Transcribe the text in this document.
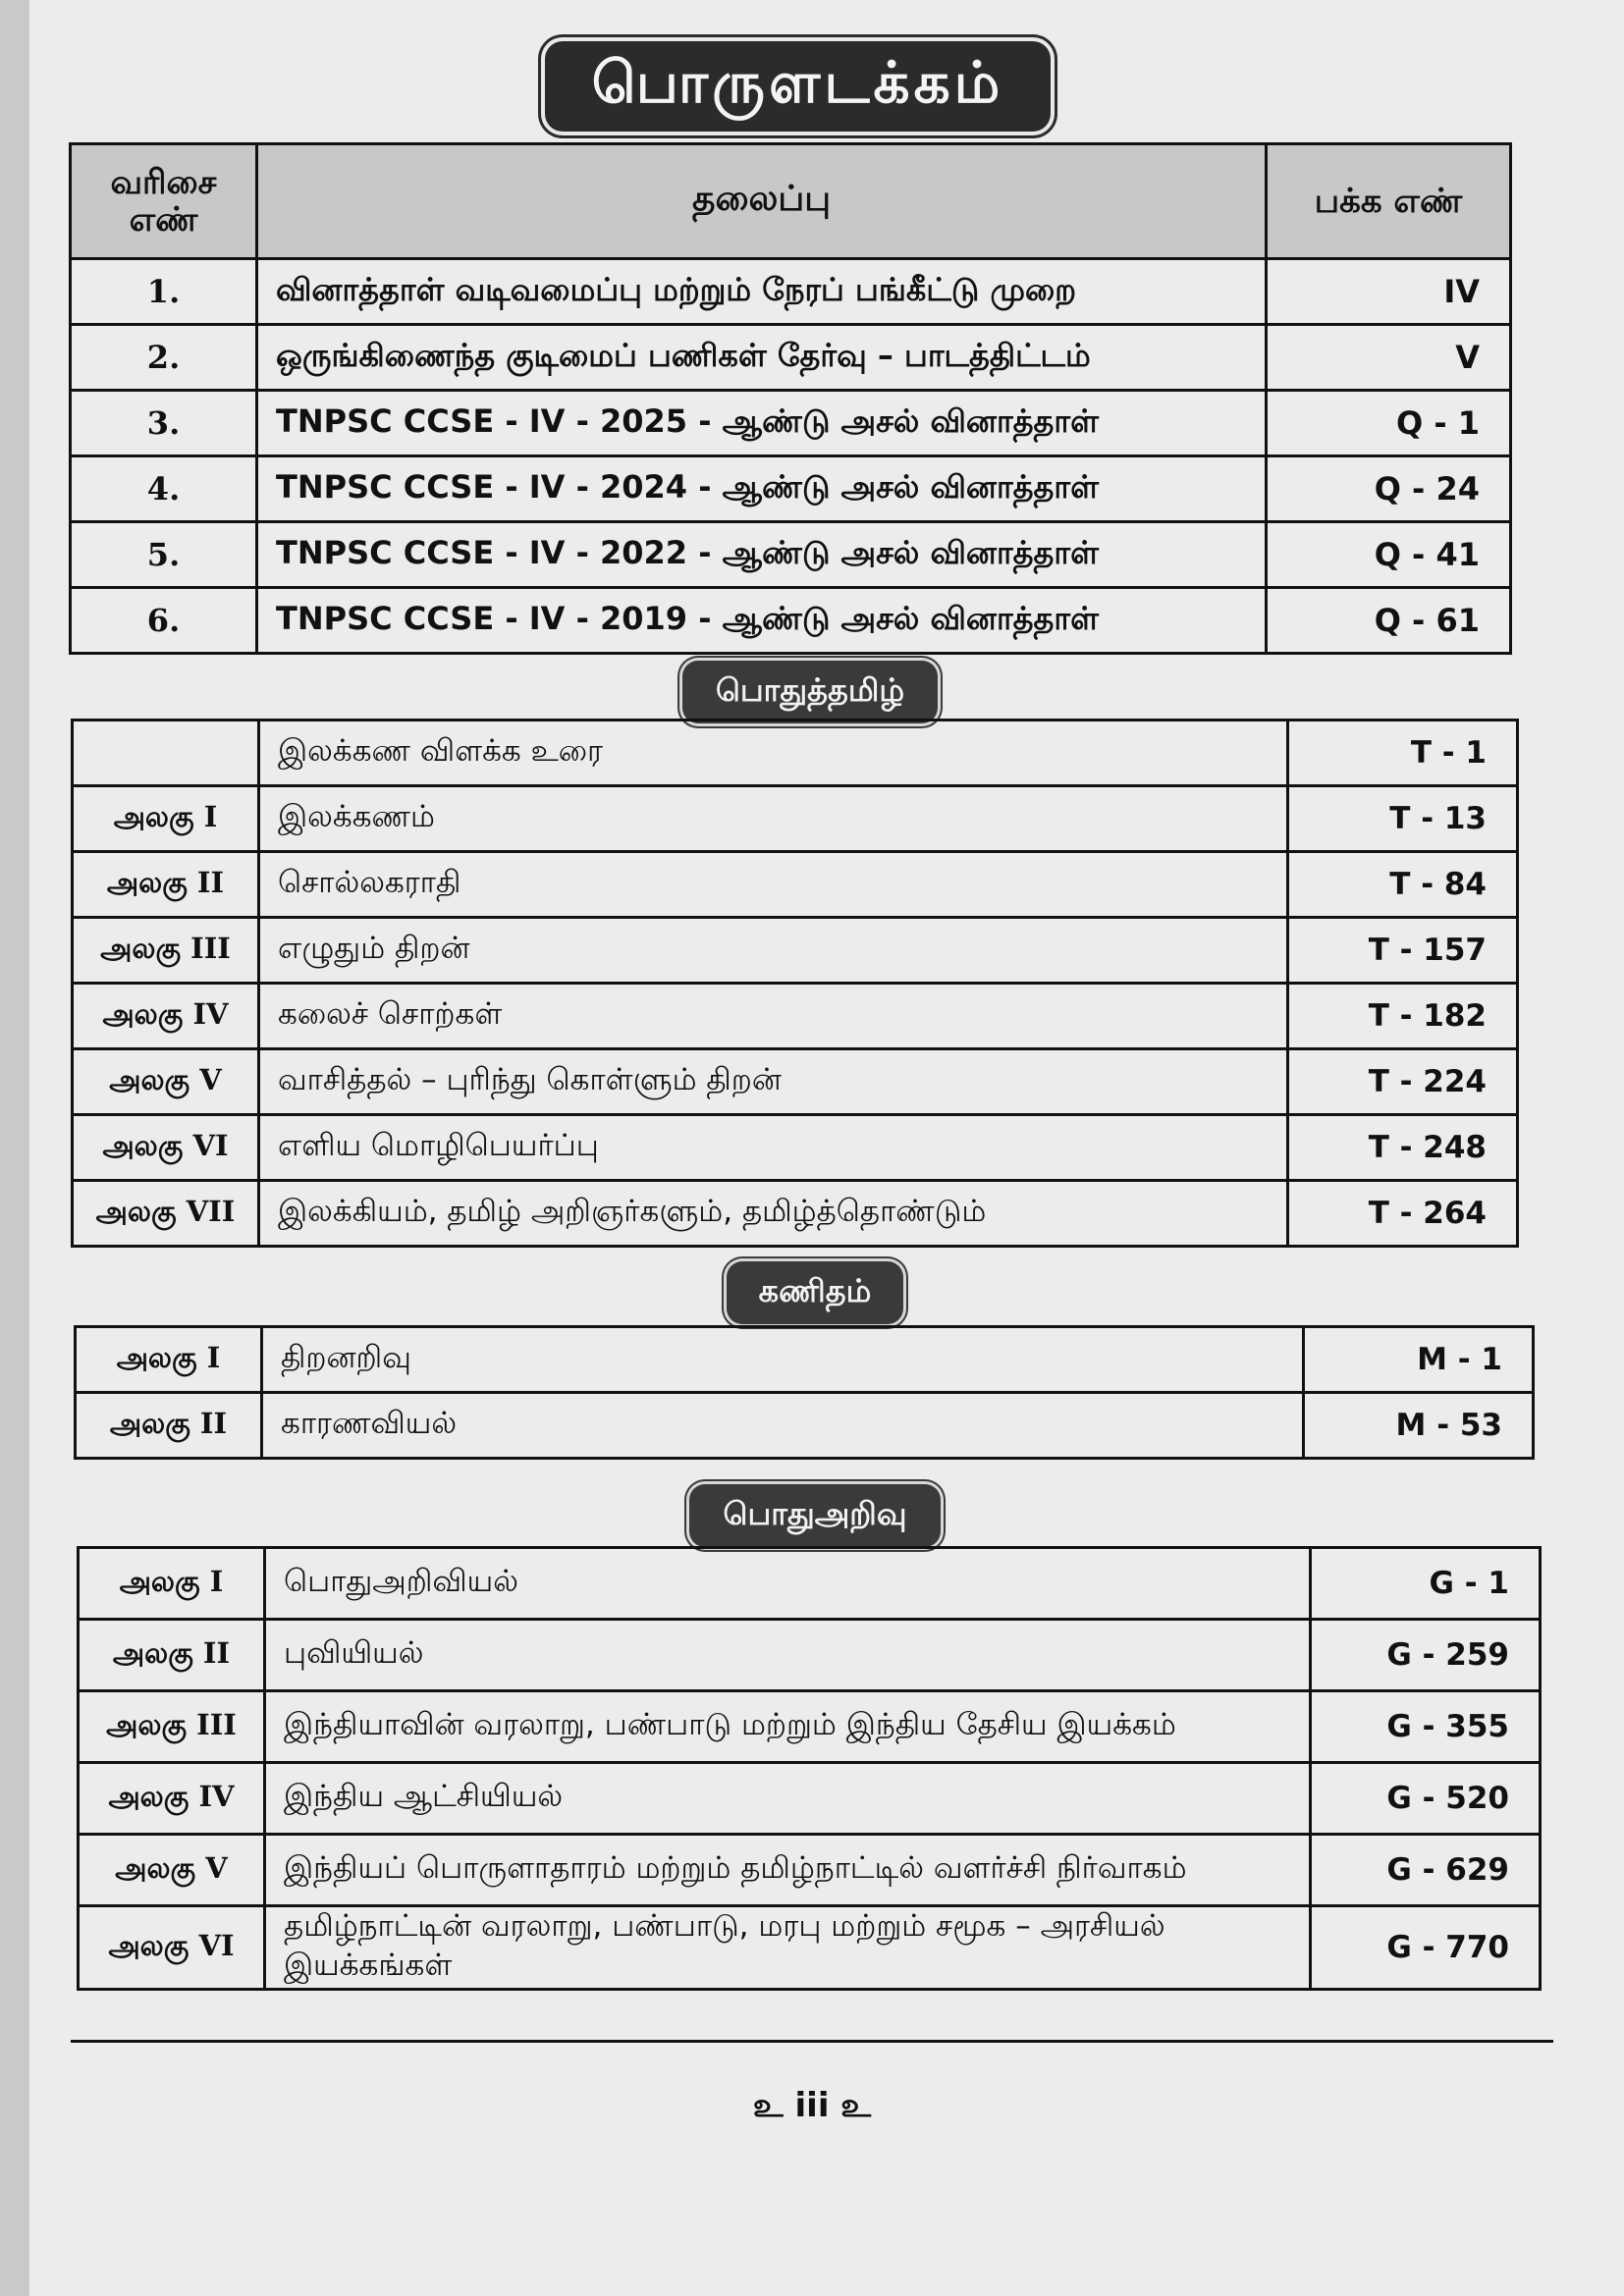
பொருளடக்கம்
வரிசை எண்	தலைப்பு	பக்க எண்
1.	வினாத்தாள் வடிவமைப்பு மற்றும் நேரப் பங்கீட்டு முறை	IV
2.	ஒருங்கிணைந்த குடிமைப் பணிகள் தேர்வு – பாடத்திட்டம்	V
3.	TNPSC CCSE - IV - 2025 - ஆண்டு அசல் வினாத்தாள்	Q - 1
4.	TNPSC CCSE - IV - 2024 - ஆண்டு அசல் வினாத்தாள்	Q - 24
5.	TNPSC CCSE - IV - 2022 - ஆண்டு அசல் வினாத்தாள்	Q - 41
6.	TNPSC CCSE - IV - 2019 - ஆண்டு அசல் வினாத்தாள்	Q - 61
பொதுத்தமிழ்
	இலக்கண விளக்க உரை	T - 1
அலகு I	இலக்கணம்	T - 13
அலகு II	சொல்லகராதி	T - 84
அலகு III	எழுதும் திறன்	T - 157
அலகு IV	கலைச் சொற்கள்	T - 182
அலகு V	வாசித்தல் – புரிந்து கொள்ளும் திறன்	T - 224
அலகு VI	எளிய மொழிபெயர்ப்பு	T - 248
அலகு VII	இலக்கியம், தமிழ் அறிஞர்களும், தமிழ்த்தொண்டும்	T - 264
கணிதம்
அலகு I	திறனறிவு	M - 1
அலகு II	காரணவியல்	M - 53
பொதுஅறிவு
அலகு I	பொதுஅறிவியல்	G - 1
அலகு II	புவியியல்	G - 259
அலகு III	இந்தியாவின் வரலாறு, பண்பாடு மற்றும் இந்திய தேசிய இயக்கம்	G - 355
அலகு IV	இந்திய ஆட்சியியல்	G - 520
அலகு V	இந்தியப் பொருளாதாரம் மற்றும் தமிழ்நாட்டில் வளர்ச்சி நிர்வாகம்	G - 629
அலகு VI	தமிழ்நாட்டின் வரலாறு, பண்பாடு, மரபு மற்றும் சமூக – அரசியல் இயக்கங்கள்	G - 770
உ iii உ
